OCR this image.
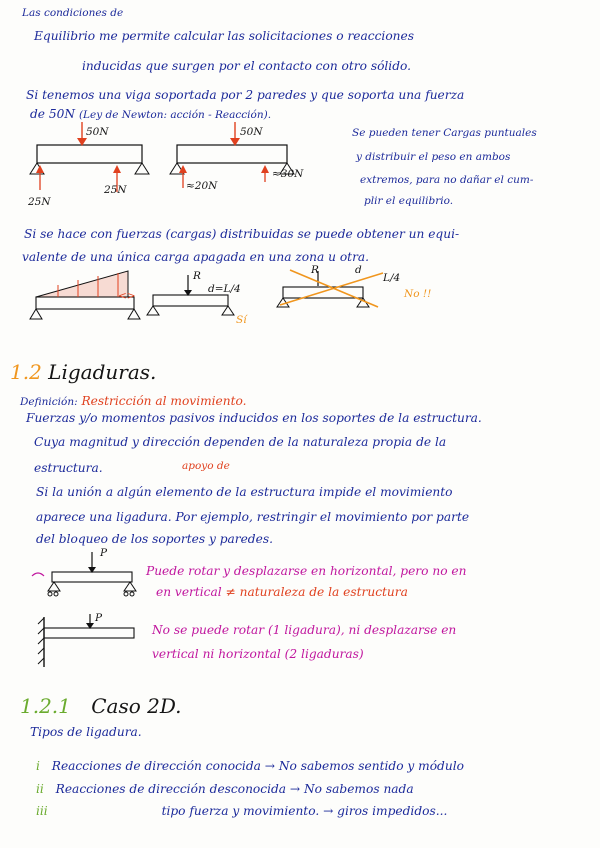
Las condiciones de
Equilibrio me permite calcular las solicitaciones o reacciones
inducidas que surgen por el contacto con otro sólido.
Si tenemos una viga soportada por 2 paredes y que soporta una fuerza
de 50N (Ley de Newton: acción - Reacción).
50N
25N
25N
50N
≈20N
≈30N
Se pueden tener Cargas puntuales
y distribuir el peso en ambos
extremos, para no dañar el cum-
plir el equilibrio.
Si se hace con fuerzas (cargas) distribuidas se puede obtener un equi-
valente de una única carga apagada en una zona u otra.
<>
R
d=L/4
R	d
L/4
No !!
Sí
1.2 Ligaduras.
Definición: Restricción al movimiento.
Fuerzas y/o momentos pasivos inducidos en los soportes de la estructura.
Cuya magnitud y dirección dependen de la naturaleza propia de la
estructura.	apoyo de
Si la unión a algún elemento de la estructura impide el movimiento
aparece una ligadura. Por ejemplo, restringir el movimiento por parte
del bloqueo de los soportes y paredes.
P
Puede rotar y desplazarse en horizontal, pero no en
en vertical ≠ naturaleza de la estructura
P
No se puede rotar (1 ligadura), ni desplazarse en
vertical ni horizontal (2 ligaduras)
1.2.1 Caso 2D.
Tipos de ligadura.
i Reacciones de dirección conocida → No sabemos sentido y módulo
ii Reacciones de dirección desconocida → No sabemos nada
iii	tipo fuerza y movimiento. → giros impedidos...
